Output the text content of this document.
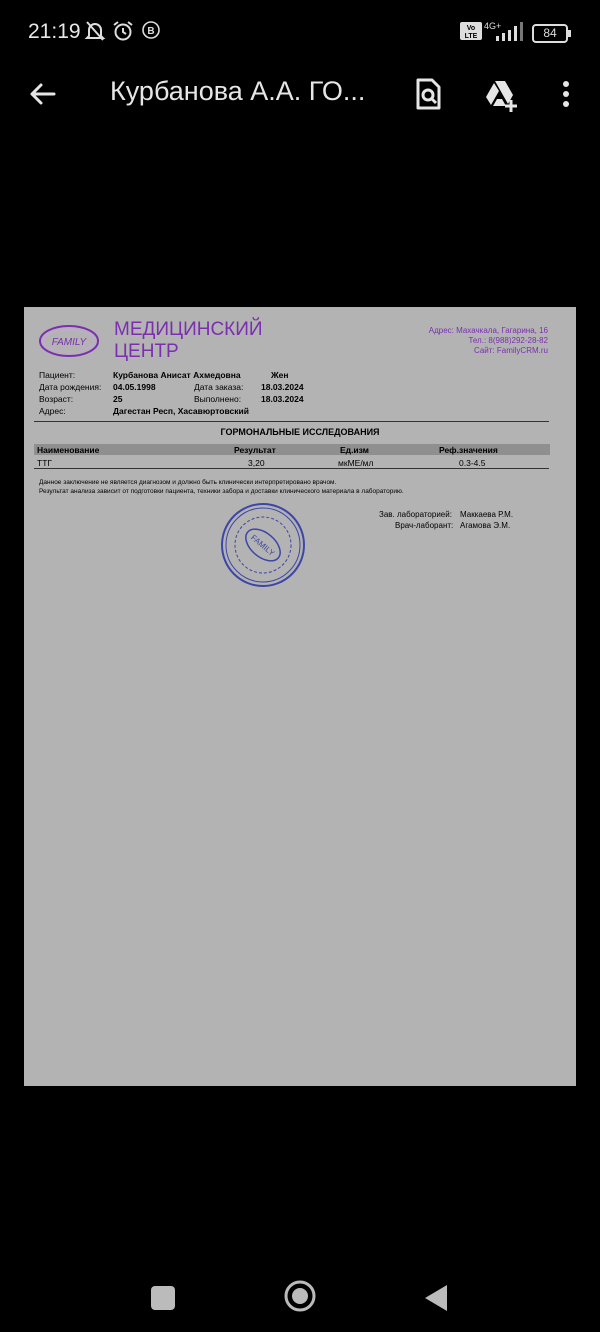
21:19	B	Vo
LTE
4G+	84
Курбанова А.А. ГО...
FAMILY
МЕДИЦИНСКИЙ
ЦЕНТР
Адрес: Махачкала, Гагарина, 16
Тел.: 8(988)292-28-82
Сайт: FamilyCRM.ru
Пациент:	Курбанова Анисат Ахмедовна	Жен
Дата рождения: 04.05.1998	Дата заказа: 18.03.2024
Возраст:	25	Выполнено: 18.03.2024
Адрес:	Дагестан Респ, Хасавюртовский
ГОРМОНАЛЬНЫЕ ИССЛЕДОВАНИЯ
Наименование	Результат	Ед.изм	Реф.значения
ТТГ	3,20	мкМЕ/мл	0.3-4.5
Данное заключение не является диагнозом и должно быть клинически интерпретировано врачом.
Результат анализа зависит от подготовки пациента, техники забора и доставки клинического материала в лабораторию.
FAMILY
Зав. лабораторией: Маккаева Р.М.
Врач-лаборант: Агамова Э.М.
